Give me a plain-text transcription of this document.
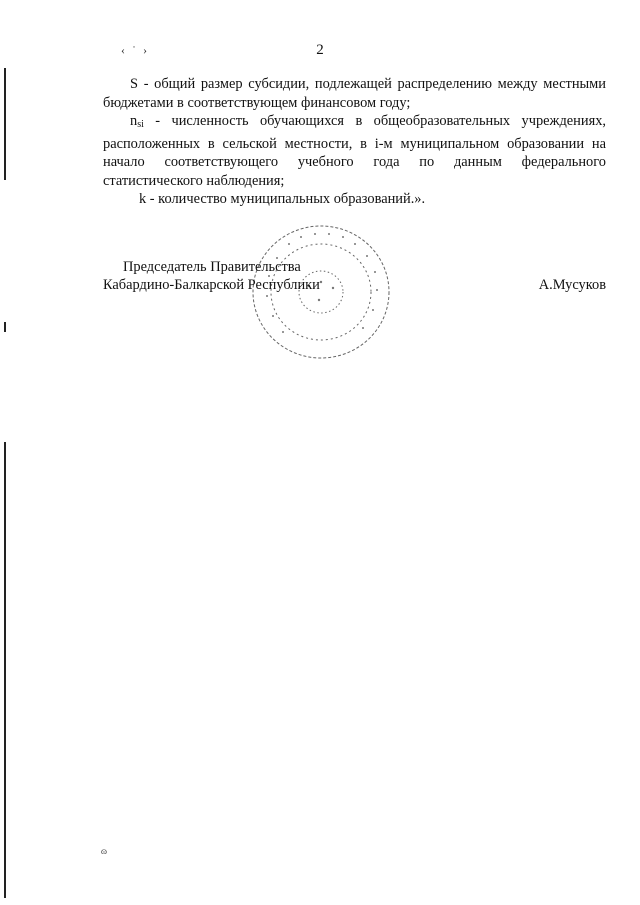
‹ ˙ ›	2

S - общий размер субсидии, подлежащей распределению между местными бюджетами в соответствующем финансовом году;

$n_{si}$ - численность обучающихся в общеобразовательных учреждениях, расположенных в сельской местности, в i-м муниципальном образовании на начало соответствующего учебного года по данным федерального статистического наблюдения;

k - количество муниципальных образований.».

Председатель Правительства
Кабардино-Балкарской Республики	А.Мусуков
ɷ
